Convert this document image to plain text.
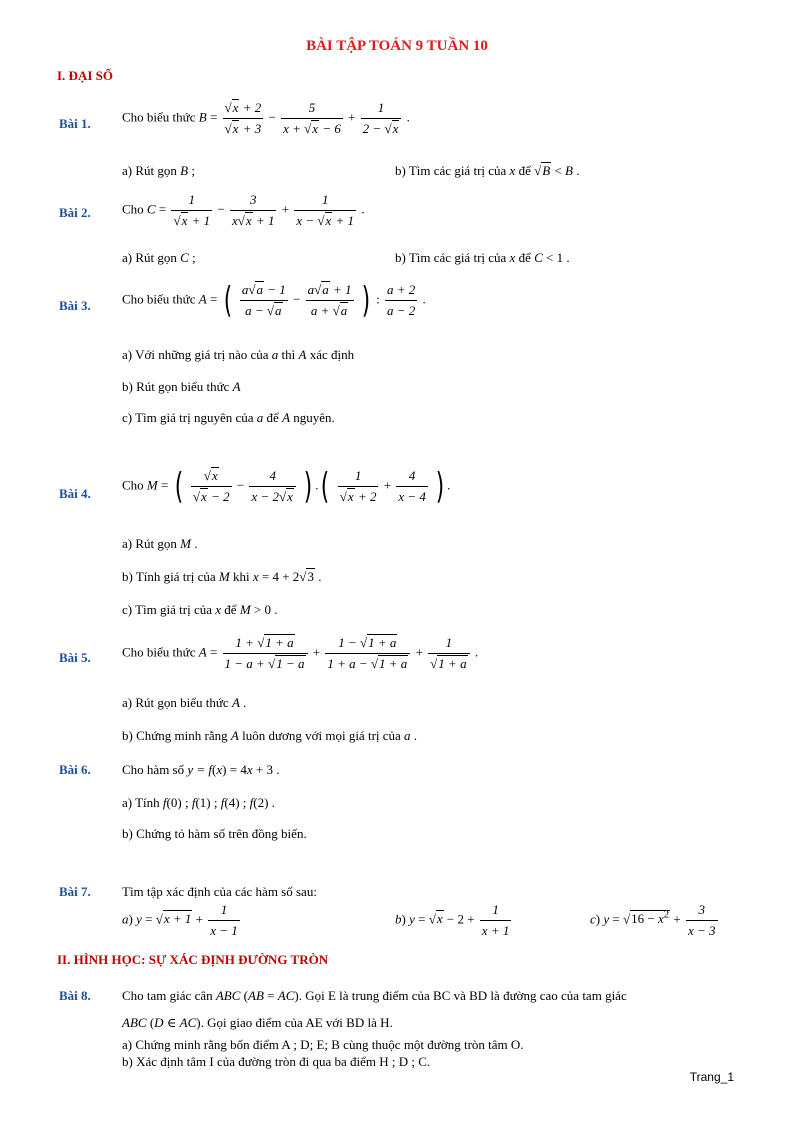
BÀI TẬP TOÁN 9 TUẦN 10
I. ĐẠI SỐ
Bài 1. Cho biểu thức $B = \frac{√x + 2}{√x + 3} - \frac{5}{x + √x - 6} + \frac{1}{2 - √x}$ .
a) Rút gọn B ;	b) Tìm các giá trị của x để √B < B .
Bài 2. Cho $C = \frac{1}{√x + 1} - \frac{3}{x√x + 1} + \frac{1}{x - √x + 1}$ .
a) Rút gọn C ;	b) Tìm các giá trị của x để C < 1 .
Bài 3. Cho biểu thức A = ( $\frac{a√a - 1}{a - √a} - \frac{a√a + 1}{a + √a}$ ) : $\frac{a + 2}{a - 2}$ .
a) Với những giá trị nào của a thì A xác định
b) Rút gọn biểu thức A
c) Tìm giá trị nguyên của a để A nguyên.
Bài 4.
Cho M = ( $\frac{√x}{√x - 2} - \frac{4}{x - 2√x}$ ) .( $\frac{1}{√x + 2} + \frac{4}{x - 4}$ ) .
a) Rút gọn M .
b) Tính giá trị của M khi x = 4 + 2√3 .
c) Tìm giá trị của x để M > 0 .
Bài 5. Cho biểu thức $A = \frac{1 + √1 + a}{1 - a + √1 - a} + \frac{1 - √1 + a}{1 + a - √1 + a} + \frac{1}{√1 + a}$ .
a) Rút gọn biểu thức A .
b) Chứng minh rằng A luôn dương với mọi giá trị của a .
Bài 6. Cho hàm số y = f(x) = 4x + 3 .
a) Tính f(0) ; f(1) ; f(4) ; f(2) .
b) Chứng tỏ hàm số trên đồng biến.
Bài 7. Tìm tập xác định của các hàm số sau:
a) $y = √x + 1 + \frac{1}{x - 1}$	b) $y = √x - 2 + \frac{1}{x + 1}$	c) $y = √16 - x^2 + \frac{3}{x - 3}$
II. HÌNH HỌC: SỰ XÁC ĐỊNH ĐƯỜNG TRÒN
Bài 8. Cho tam giác cân ABC (AB = AC). Gọi E là trung điểm của BC và BD là đường cao của tam giác
ABC (D ∈ AC). Gọi giao điểm của AE với BD là H.
a) Chứng minh rằng bốn điểm A ; D; E; B cùng thuộc một đường tròn tâm O.
b) Xác định tâm I của đường tròn đi qua ba điểm H ; D ; C.
Trang_1
